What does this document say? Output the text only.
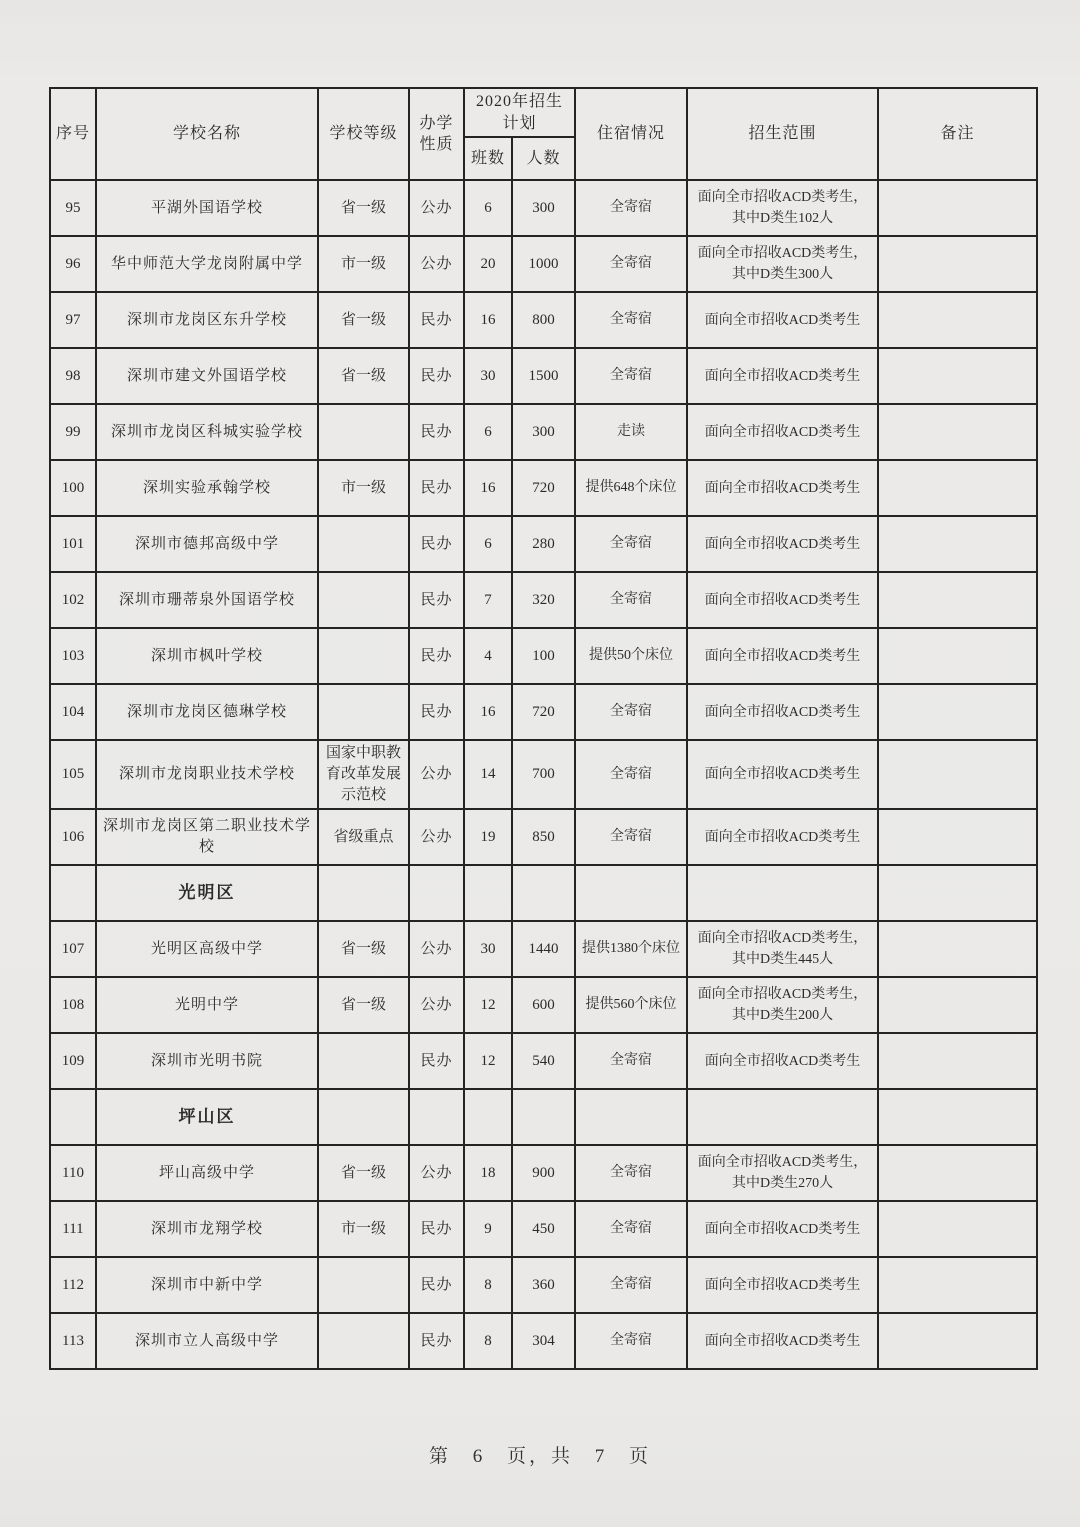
序号	学校名称	学校等级	办学性质	2020年招生计划		住宿情况	招生范围	备注
				班数	人数			
95	平湖外国语学校	省一级	公办	6	300	全寄宿	面向全市招收ACD类考生，其中D类生102人	
96	华中师范大学龙岗附属中学	市一级	公办	20	1000	全寄宿	面向全市招收ACD类考生，其中D类生300人	
97	深圳市龙岗区东升学校	省一级	民办	16	800	全寄宿	面向全市招收ACD类考生	
98	深圳市建文外国语学校	省一级	民办	30	1500	全寄宿	面向全市招收ACD类考生	
99	深圳市龙岗区科城实验学校		民办	6	300	走读	面向全市招收ACD类考生	
100	深圳实验承翰学校	市一级	民办	16	720	提供648个床位	面向全市招收ACD类考生	
101	深圳市德邦高级中学		民办	6	280	全寄宿	面向全市招收ACD类考生	
102	深圳市珊蒂泉外国语学校		民办	7	320	全寄宿	面向全市招收ACD类考生	
103	深圳市枫叶学校		民办	4	100	提供50个床位	面向全市招收ACD类考生	
104	深圳市龙岗区德琳学校		民办	16	720	全寄宿	面向全市招收ACD类考生	
105	深圳市龙岗职业技术学校	国家中职教育改革发展示范校	公办	14	700	全寄宿	面向全市招收ACD类考生	
106	深圳市龙岗区第二职业技术学校	省级重点	公办	19	850	全寄宿	面向全市招收ACD类考生	
	光明区							
107	光明区高级中学	省一级	公办	30	1440	提供1380个床位	面向全市招收ACD类考生，其中D类生445人	
108	光明中学	省一级	公办	12	600	提供560个床位	面向全市招收ACD类考生，其中D类生200人	
109	深圳市光明书院		民办	12	540	全寄宿	面向全市招收ACD类考生	
	坪山区							
110	坪山高级中学	省一级	公办	18	900	全寄宿	面向全市招收ACD类考生，其中D类生270人	
111	深圳市龙翔学校	市一级	民办	9	450	全寄宿	面向全市招收ACD类考生	
112	深圳市中新中学		民办	8	360	全寄宿	面向全市招收ACD类考生	
113	深圳市立人高级中学		民办	8	304	全寄宿	面向全市招收ACD类考生	
第 6 页，共 7 页
